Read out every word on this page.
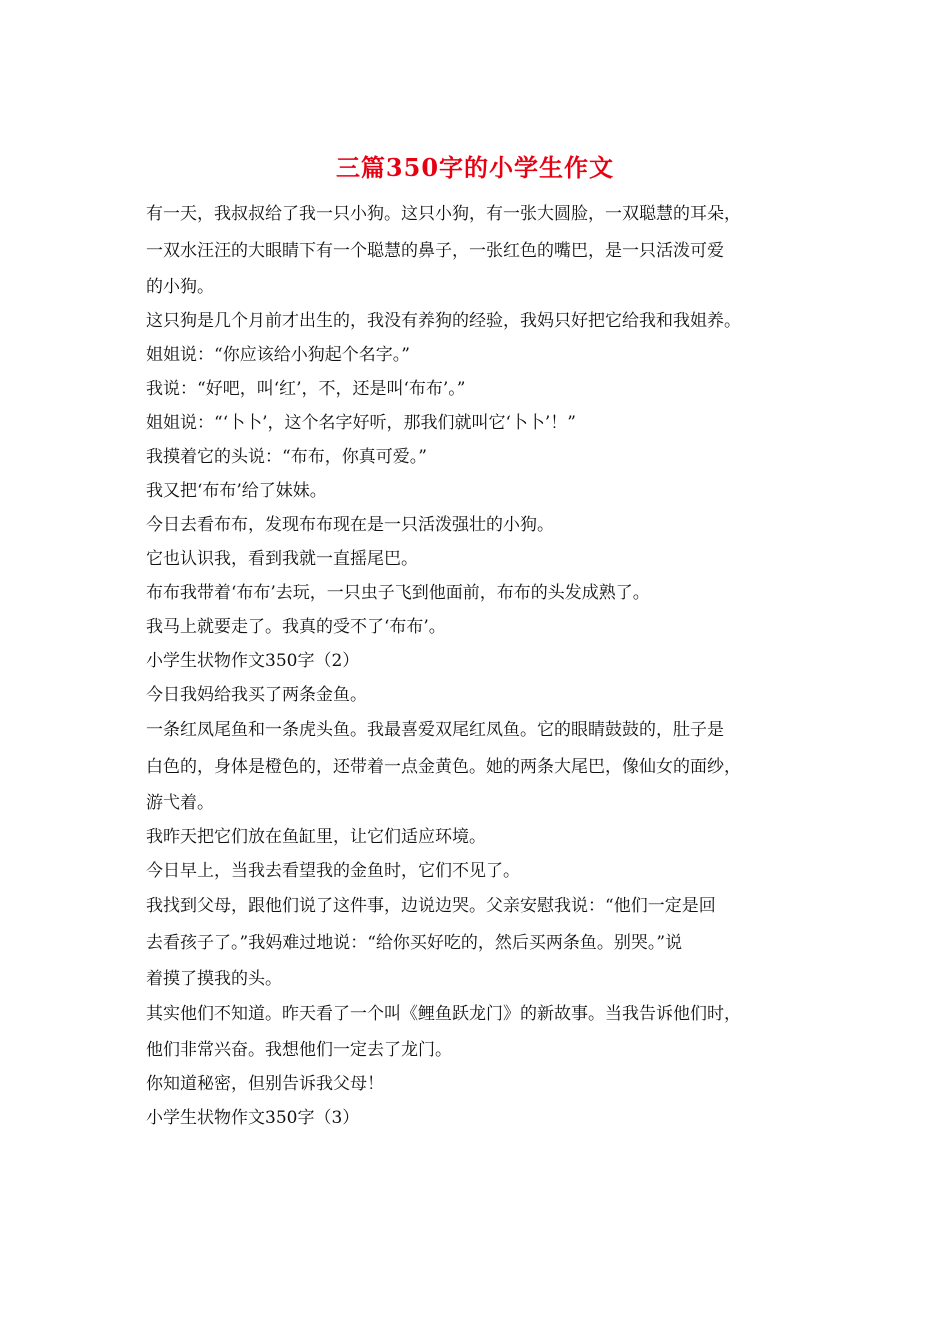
三篇350字的小学生作文
有一天，我叔叔给了我一只小狗。这只小狗，有一张大圆脸，一双聪慧的耳朵，
一双水汪汪的大眼睛下有一个聪慧的鼻子，一张红色的嘴巴，是一只活泼可爱
的小狗。
这只狗是几个月前才出生的，我没有养狗的经验，我妈只好把它给我和我姐养。
姐姐说：“你应该给小狗起个名字。”
我说：“好吧，叫‘红’，不，还是叫‘布布’。”
姐姐说：“‘卜卜’，这个名字好听，那我们就叫它‘卜卜’！”
我摸着它的头说：“布布，你真可爱。”
我又把‘布布’给了妹妹。
今日去看布布，发现布布现在是一只活泼强壮的小狗。
它也认识我，看到我就一直摇尾巴。
布布我带着‘布布’去玩，一只虫子飞到他面前，布布的头发成熟了。
我马上就要走了。我真的受不了‘布布’。
小学生状物作文350字（2）
今日我妈给我买了两条金鱼。
一条红凤尾鱼和一条虎头鱼。我最喜爱双尾红凤鱼。它的眼睛鼓鼓的，肚子是
白色的，身体是橙色的，还带着一点金黄色。她的两条大尾巴，像仙女的面纱，
游弋着。
我昨天把它们放在鱼缸里，让它们适应环境。
今日早上，当我去看望我的金鱼时，它们不见了。
我找到父母，跟他们说了这件事，边说边哭。父亲安慰我说：“他们一定是回
去看孩子了。”我妈难过地说：“给你买好吃的，然后买两条鱼。别哭。”说
着摸了摸我的头。
其实他们不知道。昨天看了一个叫《鲤鱼跃龙门》的新故事。当我告诉他们时，
他们非常兴奋。我想他们一定去了龙门。
你知道秘密，但别告诉我父母！
小学生状物作文350字（3）
